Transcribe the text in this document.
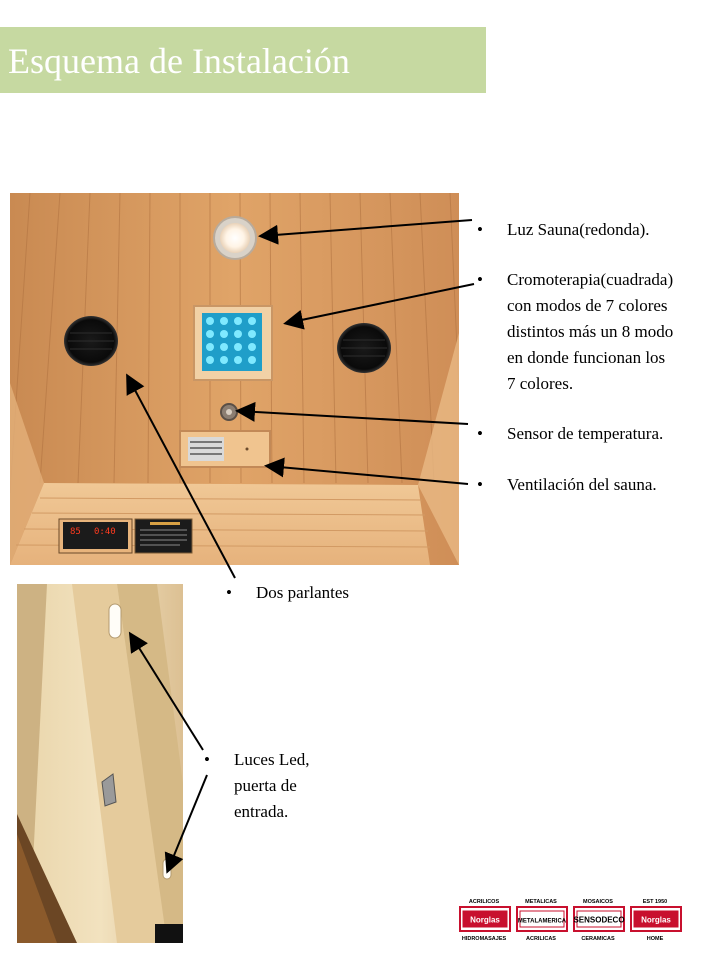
Esquema de Instalación
85 0:40
•	Luz Sauna(redonda).
•	Cromoterapia(cuadrada)
con modos de 7 colores
distintos más un 8 modo
en donde funcionan los
7 colores.
•	Sensor de temperatura.
•	Ventilación del sauna.
•	Dos parlantes
•	Luces Led,
puerta de
entrada.
ACRILICOS
Norglas
HIDROMASAJES
METALICAS
METALAMERICA
ACRILICAS
MOSAICOS
SENSODECO
CERAMICAS
EST 1950
Norglas
HOME
